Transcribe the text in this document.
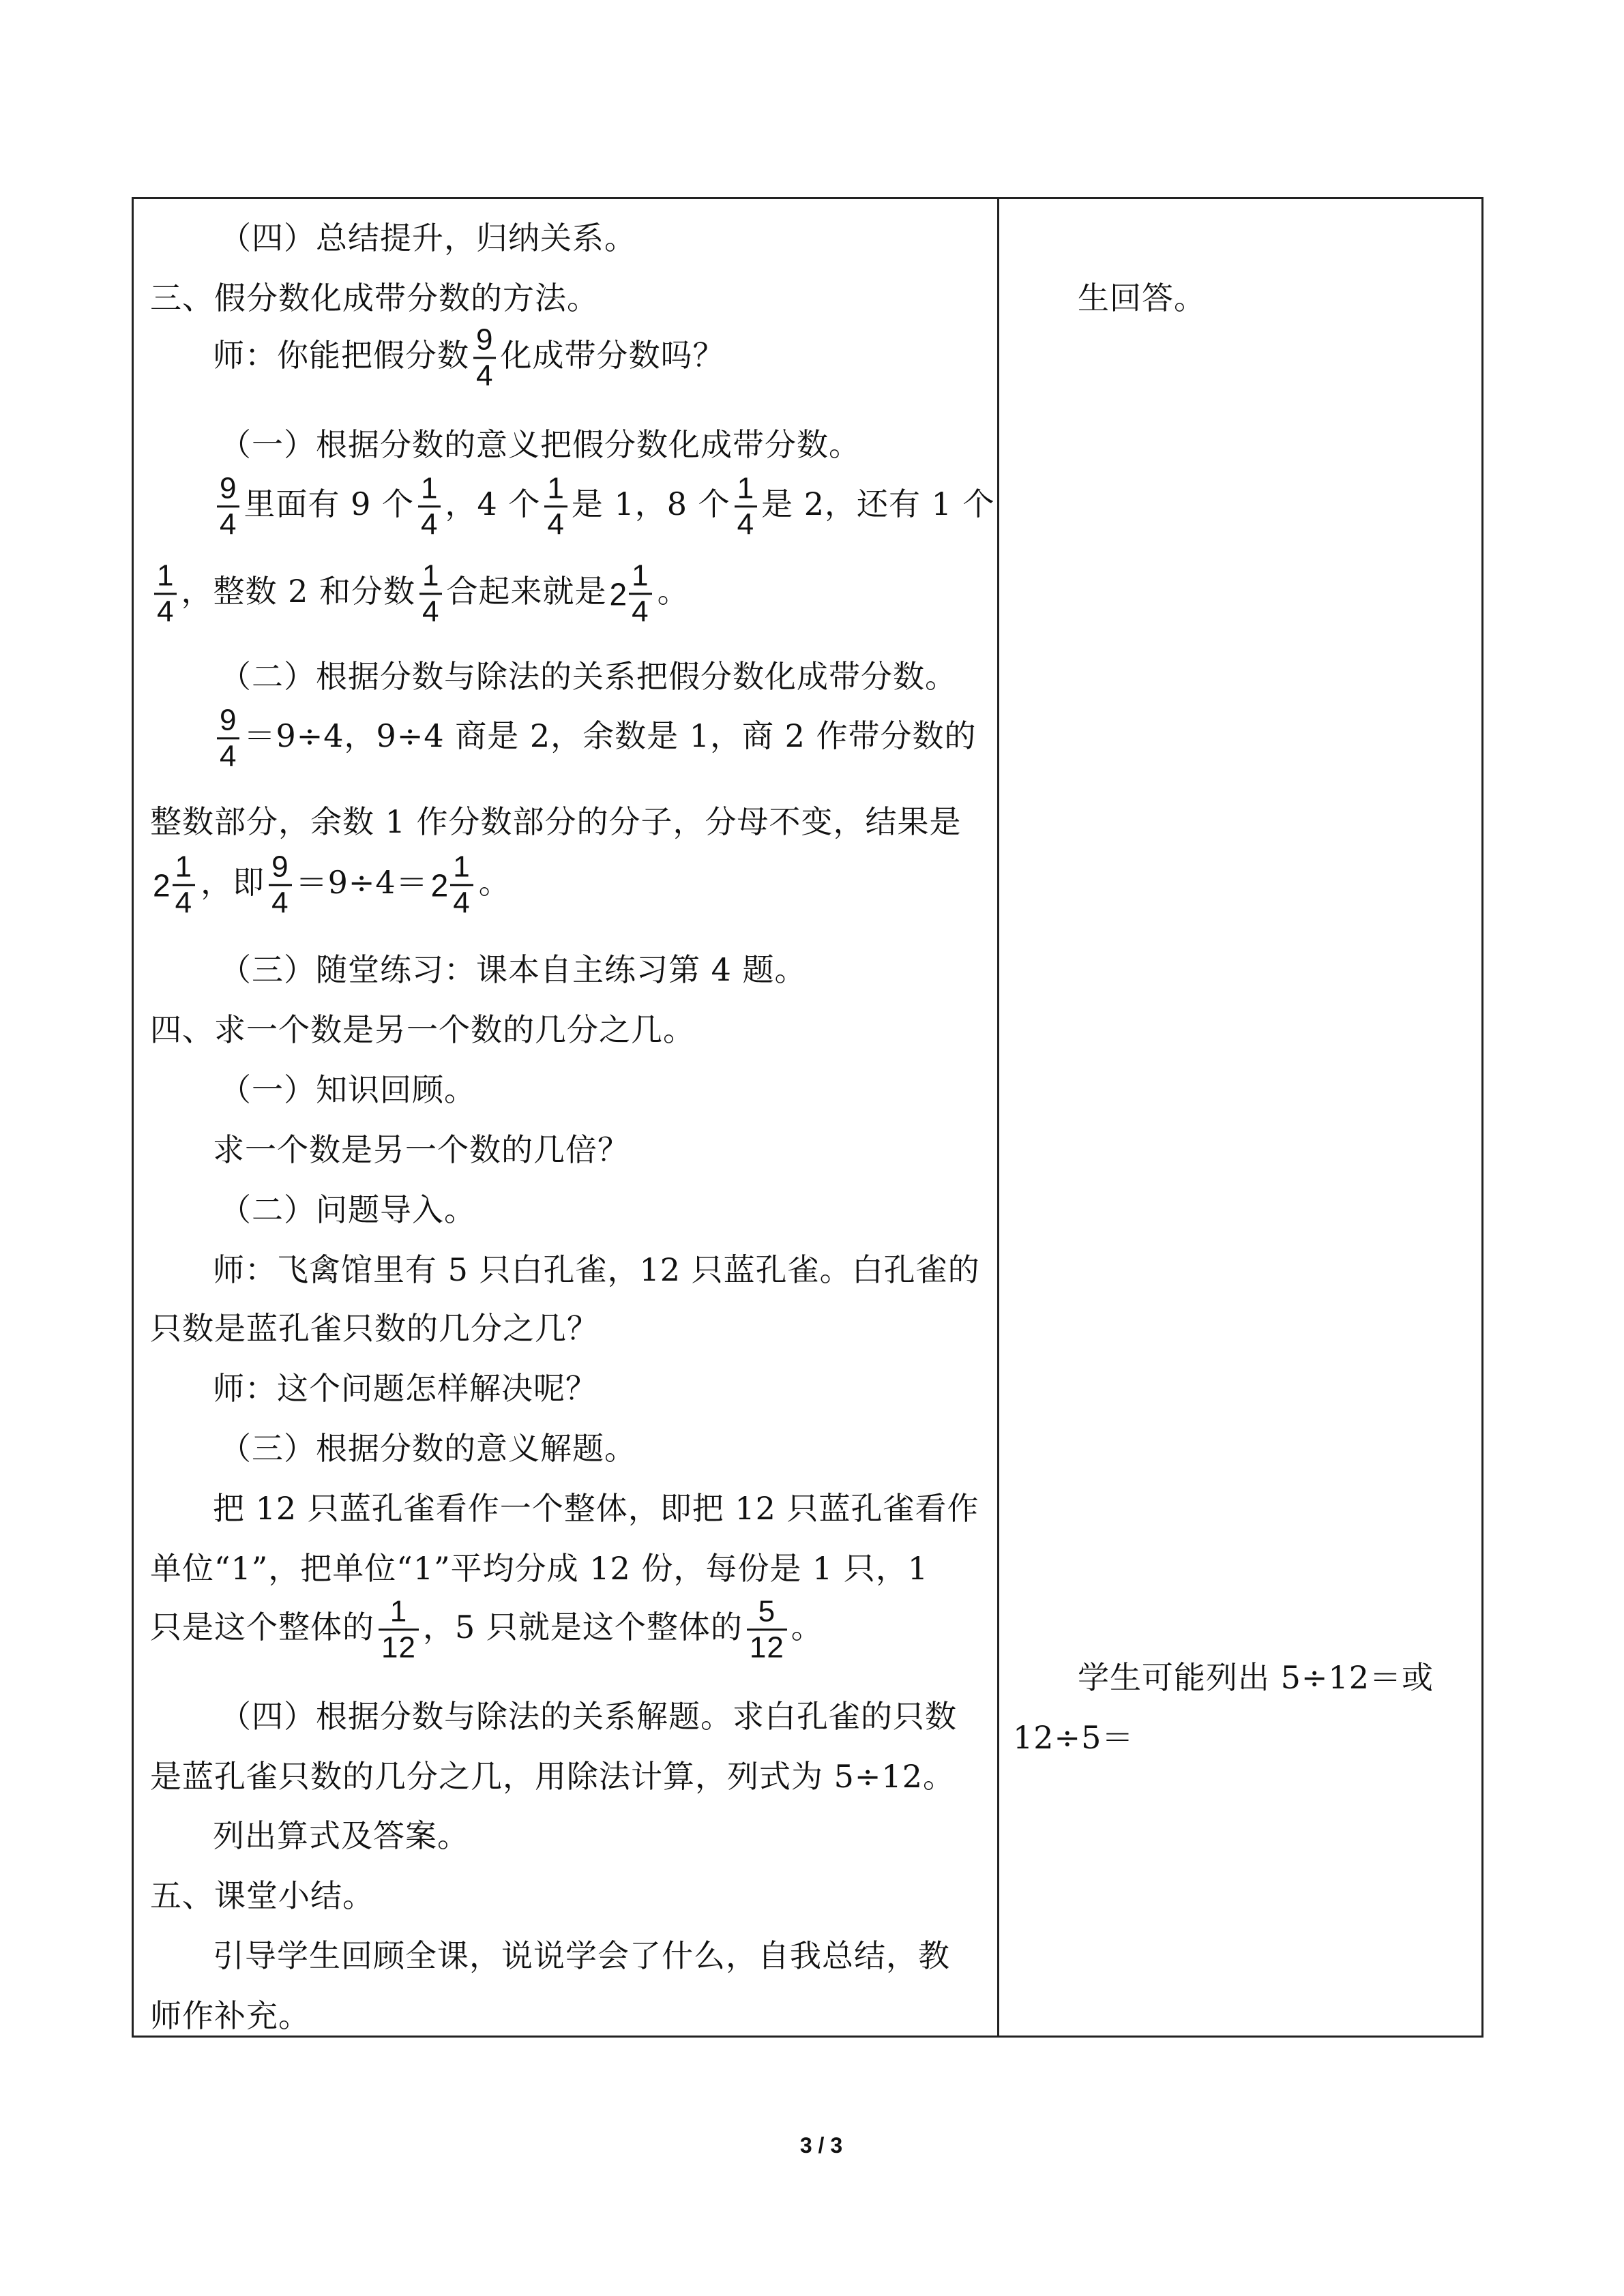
（四）总结提升，归纳关系。
三、假分数化成带分数的方法。
师：你能把假分数 $\frac{9}{4}$ 化成带分数吗？
（一）根据分数的意义把假分数化成带分数。
$\frac{9}{4}$ 里面有 9 个 $\frac{1}{4}$ ，4 个 $\frac{1}{4}$ 是 1，8 个 $\frac{1}{4}$ 是 2，还有 1 个
$\frac{1}{4}$ ，整数 2 和分数 $\frac{1}{4}$ 合起来就是 $2 \frac{1}{4}$ 。
（二）根据分数与除法的关系把假分数化成带分数。
$\frac{9}{4} =9\div 4$，9÷4 商是 2，余数是 1，商 2 作带分数的
整数部分，余数 1 作分数部分的分子，分母不变，结果是
$2 \frac{1}{4}$ ，即 $\frac{9}{4} =9\div 4= 2 \frac{1}{4}$ 。
（三）随堂练习：课本自主练习第 4 题。
四、求一个数是另一个数的几分之几。
（一）知识回顾。
求一个数是另一个数的几倍？
（二）问题导入。
师：飞禽馆里有 5 只白孔雀，12 只蓝孔雀。白孔雀的
只数是蓝孔雀只数的几分之几？
师：这个问题怎样解决呢？
（三）根据分数的意义解题。
把 12 只蓝孔雀看作一个整体，即把 12 只蓝孔雀看作
单位“1”，把单位“1”平均分成 12 份，每份是 1 只，1
只是这个整体的 $\frac{1}{12}$ ，5 只就是这个整体的 $\frac{5}{12}$ 。
（四）根据分数与除法的关系解题。求白孔雀的只数
是蓝孔雀只数的几分之几，用除法计算，列式为 5÷12。
列出算式及答案。
五、课堂小结。
引导学生回顾全课，说说学会了什么，自我总结，教
师作补充。
生回答。
学生可能列出 5÷12＝或
12÷5＝
3 / 3
